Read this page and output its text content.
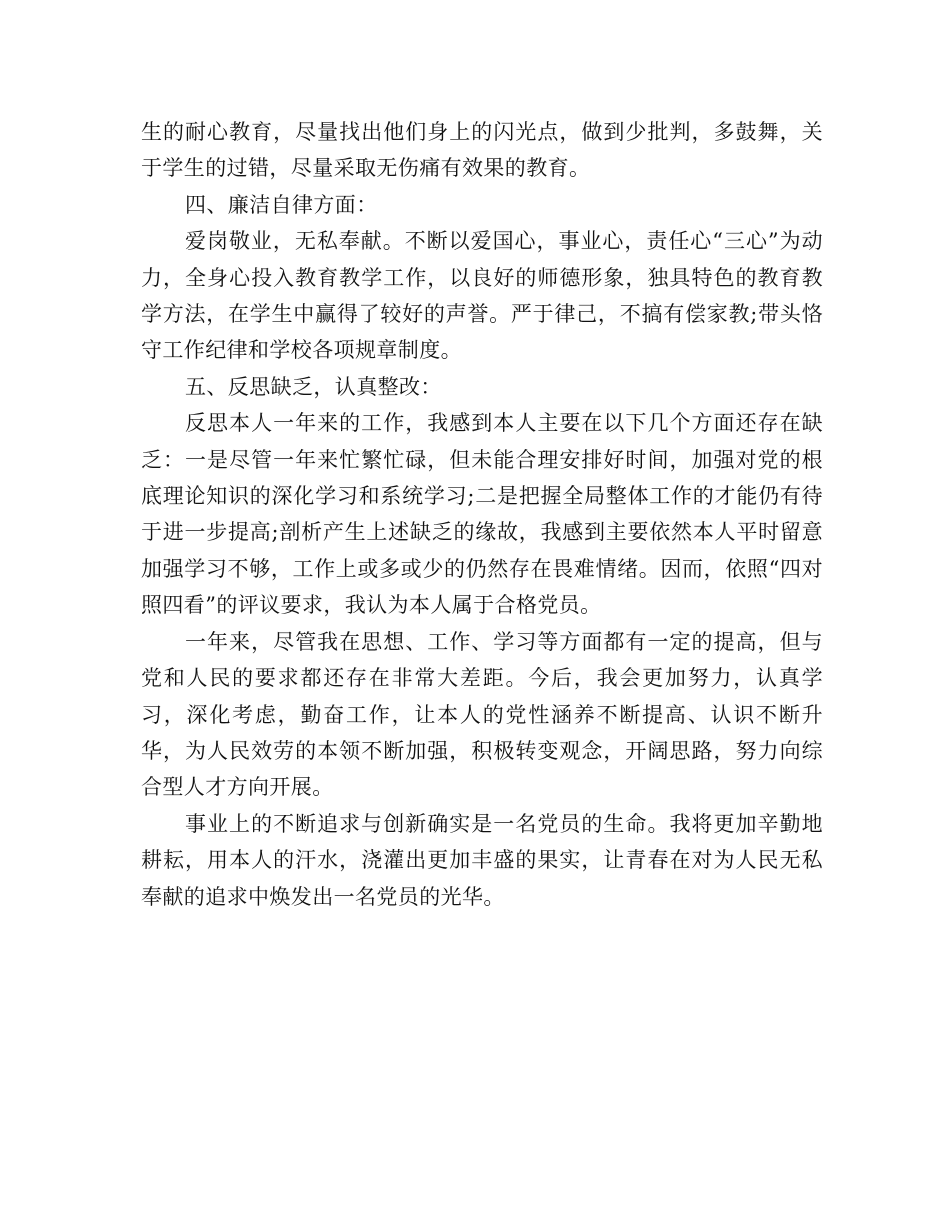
生的耐心教育，尽量找出他们身上的闪光点，做到少批判，多鼓舞，关于学生的过错，尽量采取无伤痛有效果的教育。

四、廉洁自律方面：

爱岗敬业，无私奉献。不断以爱国心，事业心，责任心“三心”为动力，全身心投入教育教学工作，以良好的师德形象，独具特色的教育教学方法，在学生中赢得了较好的声誉。严于律己，不搞有偿家教;带头恪守工作纪律和学校各项规章制度。

五、反思缺乏，认真整改：

反思本人一年来的工作，我感到本人主要在以下几个方面还存在缺乏：一是尽管一年来忙繁忙碌，但未能合理安排好时间，加强对党的根底理论知识的深化学习和系统学习;二是把握全局整体工作的才能仍有待于进一步提高;剖析产生上述缺乏的缘故，我感到主要依然本人平时留意加强学习不够，工作上或多或少的仍然存在畏难情绪。因而，依照“四对照四看”的评议要求，我认为本人属于合格党员。

一年来，尽管我在思想、工作、学习等方面都有一定的提高，但与党和人民的要求都还存在非常大差距。今后，我会更加努力，认真学习，深化考虑，勤奋工作，让本人的党性涵养不断提高、认识不断升华，为人民效劳的本领不断加强，积极转变观念，开阔思路，努力向综合型人才方向开展。

事业上的不断追求与创新确实是一名党员的生命。我将更加辛勤地耕耘，用本人的汗水，浇灌出更加丰盛的果实，让青春在对为人民无私奉献的追求中焕发出一名党员的光华。
